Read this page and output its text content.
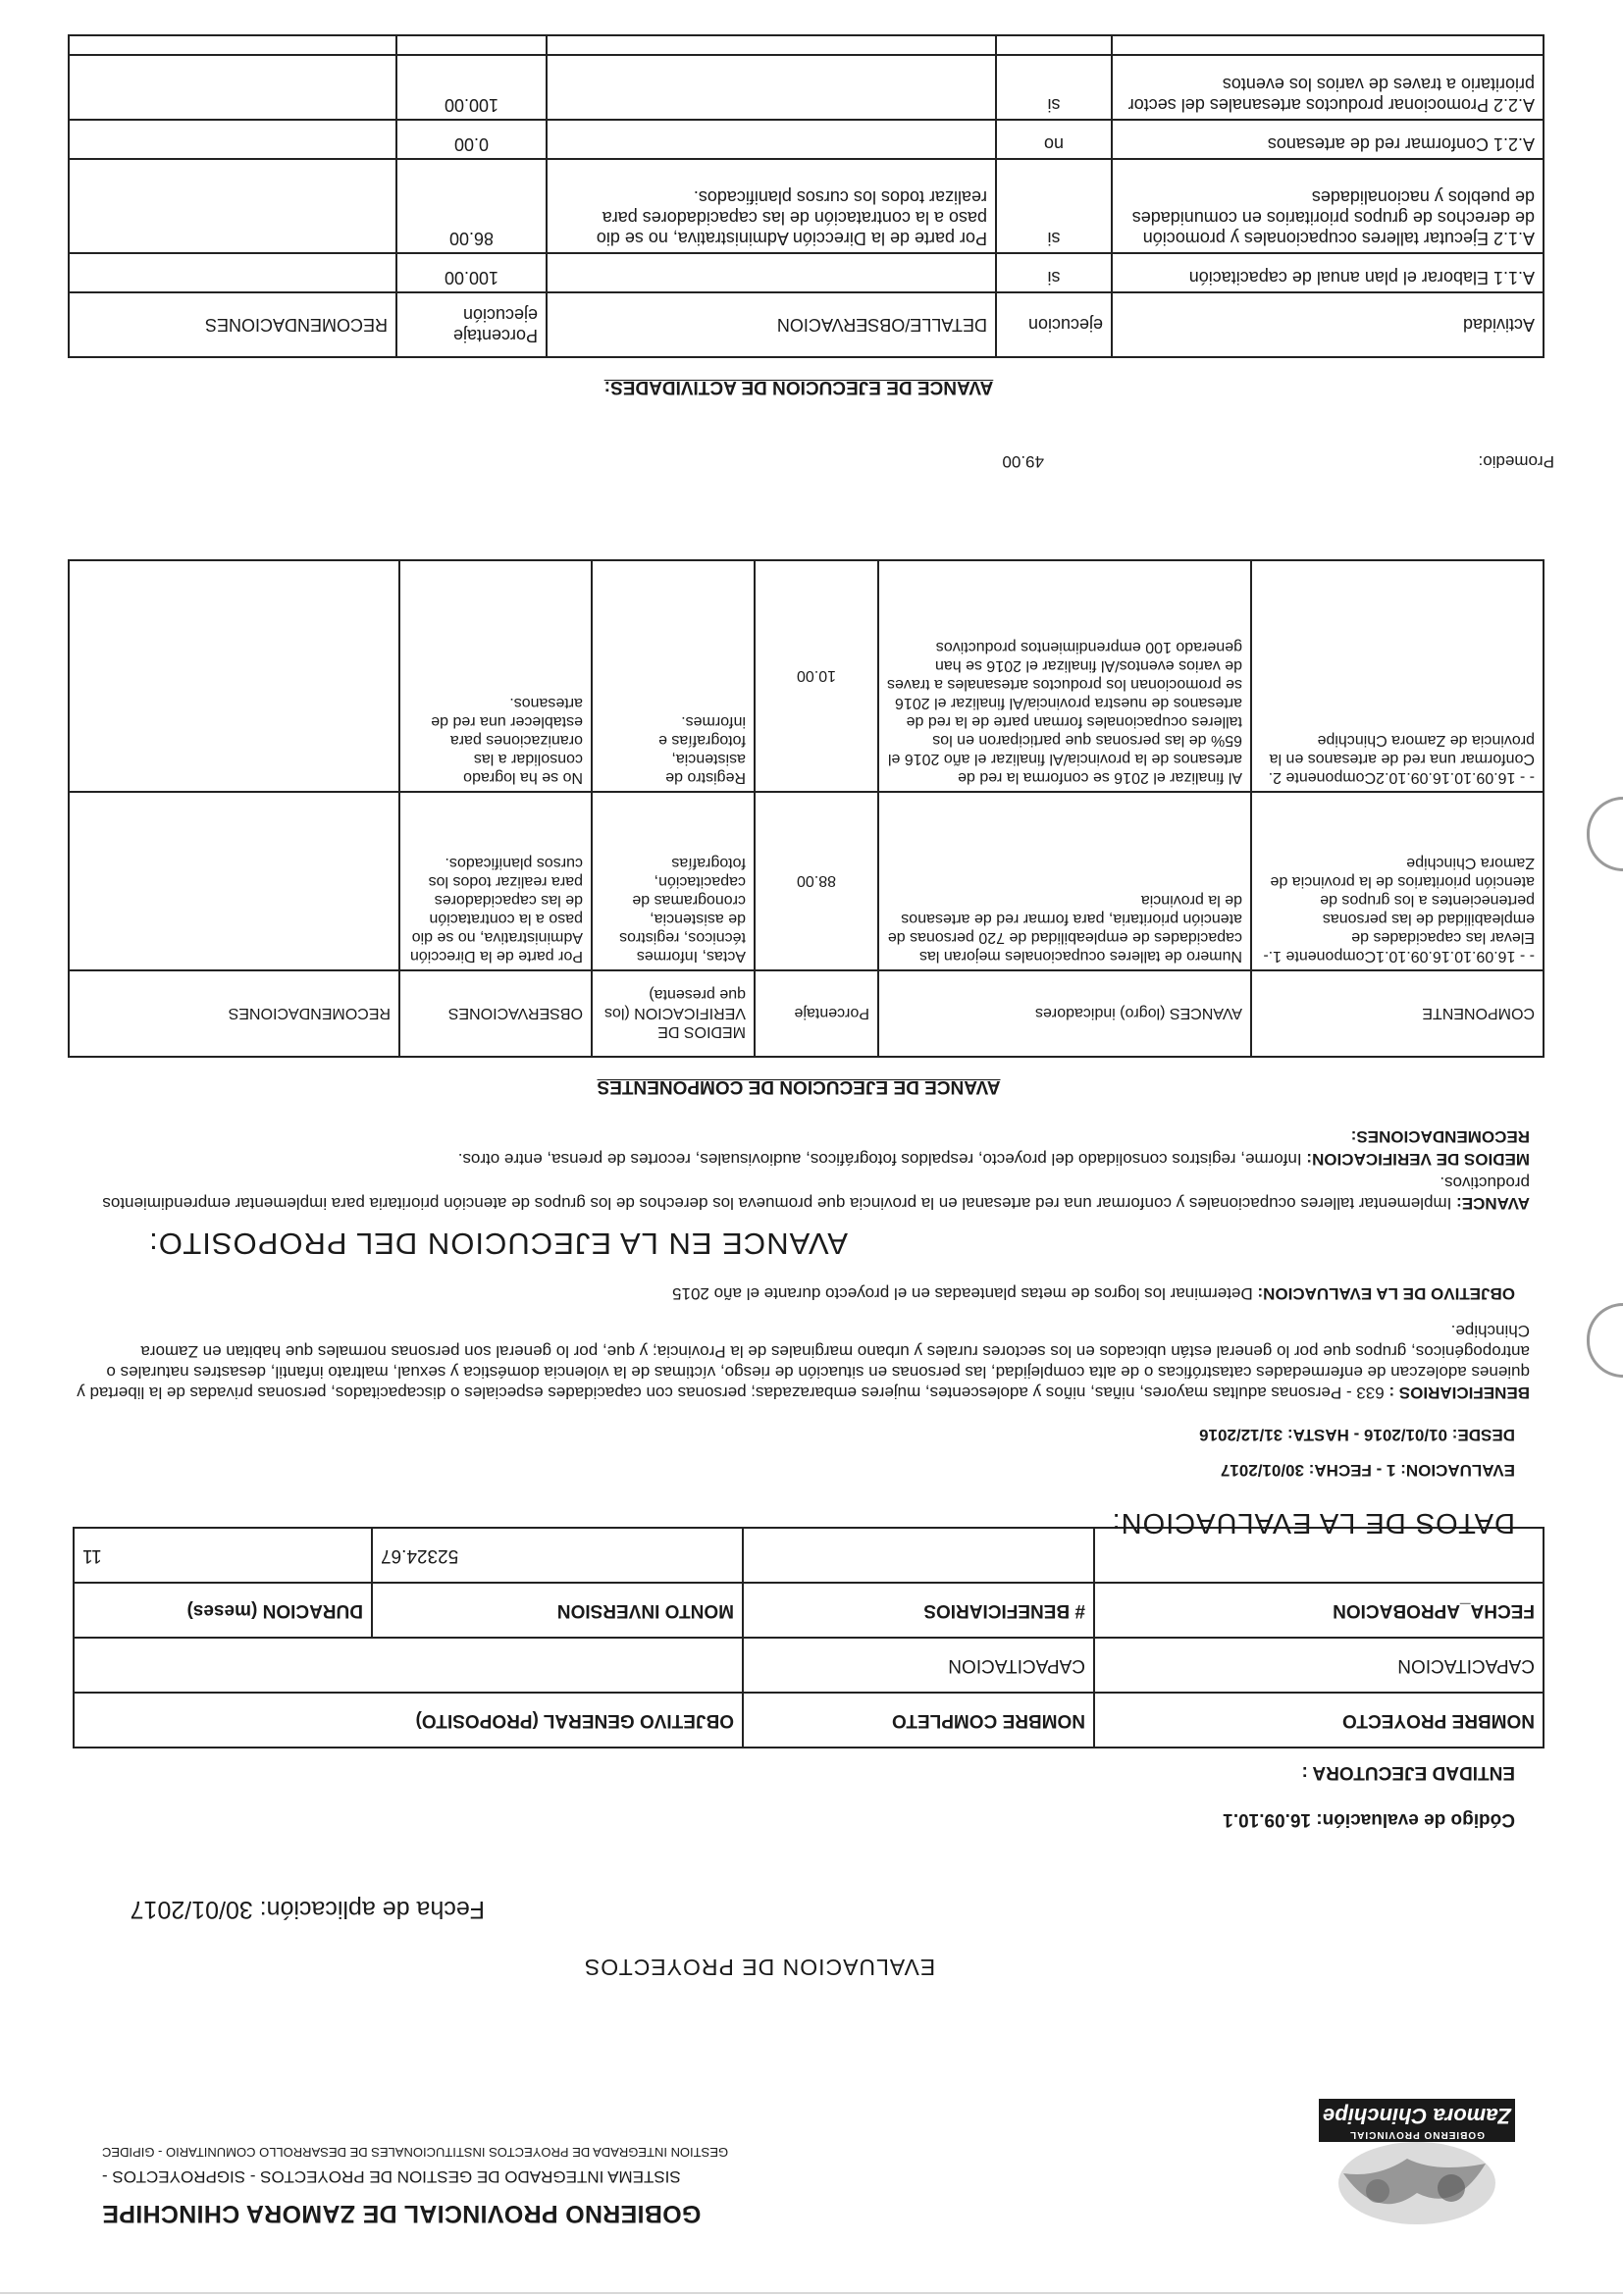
GOBIERNO PROVINCIAL
Zamora Chinchipe
GOBIERNO PROVINCIAL DE ZAMORA CHINCHIPE
SISTEMA INTEGRADO DE GESTION DE PROYECTOS - SIGPROYECTOS -
GESTION INTEGRADA DE PROYECTOS INSTITUCIONALES DE DESARROLLO COMUNITARIO - GIPIDEC
EVALUACION DE PROYECTOS
Fecha de aplicación: 30/01/2017
Código de evaluación: 16.09.10.1
ENTIDAD EJECUTORA :
NOMBRE PROYECTO	NOMBRE COMPLETO	OBJETIVO GENERAL (PROPOSITO)	
CAPACITACION	CAPACITACION		
FECHA_APROBACION	# BENEFICIARIOS	MONTO INVERSION	DURACION (meses)
		52324.67	11
DATOS DE LA EVALUACION:
EVALUACION: 1 - FECHA: 30/01/2017
DESDE: 01/01/2016 - HASTA: 31/12/2016
BENEFICIARIOS : 633 - Personas adultas mayores, niñas, niños y adolescentes, mujeres embarazadas; personas con capacidades especiales o discapacitados, personas privadas de la libertad y quienes adolezcan de enfermedades catastróficas o de alta complejidad, las personas en situación de riesgo, víctimas de la violencia doméstica y sexual, maltrato infantil, desastres naturales o antropogénicos, grupos que por lo general están ubicados en los sectores rurales y urbano marginales de la Provincia; y que, por lo general son personas normales que habitan en Zamora Chinchipe.
OBJETIVO DE LA EVALUACION: Determinar los logros de metas planteadas en el proyecto durante el año 2015
AVANCE EN LA EJECUCION DEL PROPOSITO:
AVANCE: Implementar talleres ocupacionales y conformar una red artesanal en la provincia que promueva los derechos de los grupos de atención prioritaria para implementar emprendimientos productivos.
MEDIOS DE VERIFICACION: Informe, registros consolidado del proyecto, respaldos fotográficos, audiovisuales, recortes de prensa, entre otros.
RECOMENDACIONES:
AVANCE DE EJECUCION DE COMPONENTES
COMPONENTE	AVANCES (logro) indicadores	Porcentaje	MEDIOS DE VERIFICACION (los que presenta)	OBSERVACIONES	RECOMENDACIONES
- - 16.09.10.16.09.10.1Componente 1.- Elevar las capacidades de empleabilidad de las personas pertenecientes a los grupos de atención prioritarios de la provincia de Zamora Chinchipe	Numero de talleres ocupacionales mejoran las capacidades de empleabilidad de 720 personas de atención prioritaria, para formar red de artesanos de la provincia	88.00	Actas, Informes técnicos, registros de asistencia, cronogramas de capacitación, fotografías	Por parte de la Dirección Administrativa, no se dio paso a la contratación de las capacidadores para realizar todos los cursos planificados.	
- - 16.09.10.16.09.10.2Componente 2. Conformar una red de artesanos en la provincia de Zamora Chinchipe	Al finalizar el 2016 se conforma la red de artesanos de la provincia/Al finalizar el año 2016 el 65% de las personas que participaron en los talleres ocupacionales forman parte de la red de artesanos de nuestra provincia/Al finalizar el 2016 se promocionan los productos artesanales a traves de varios eventos/Al finalizar el 2016 se han generado 100 emprendimientos productivos	10.00	Registro de asistencia, fotografías e informes.	No se ha logrado consolidar a las oranizaciones para establecer una red de artesanos.	
Promedio:
49.00
AVANCE DE EJECUCION DE ACTIVIDADES:
Actividad	ejecucion	DETALLE/OBSERVACION	Porcentaje ejecución	RECOMENDACIONES
A.1.1 Elaborar el plan anual de capacitación	si		100.00	
A.1.2 Ejecutar talleres ocupacionales y promoción de derechos de grupos prioritarios en comunidades de pueblos y nacionalidades	si	Por parte de la Dirección Administrativa, no se dio paso a la contratación de las capacidadores para realizar todos los cursos planificados.	86.00	
A.2.1 Conformar red de artesanos	no		0.00	
A.2.2 Promocionar productos artesanales del sector prioritario a traves de varios los eventos	si		100.00	
